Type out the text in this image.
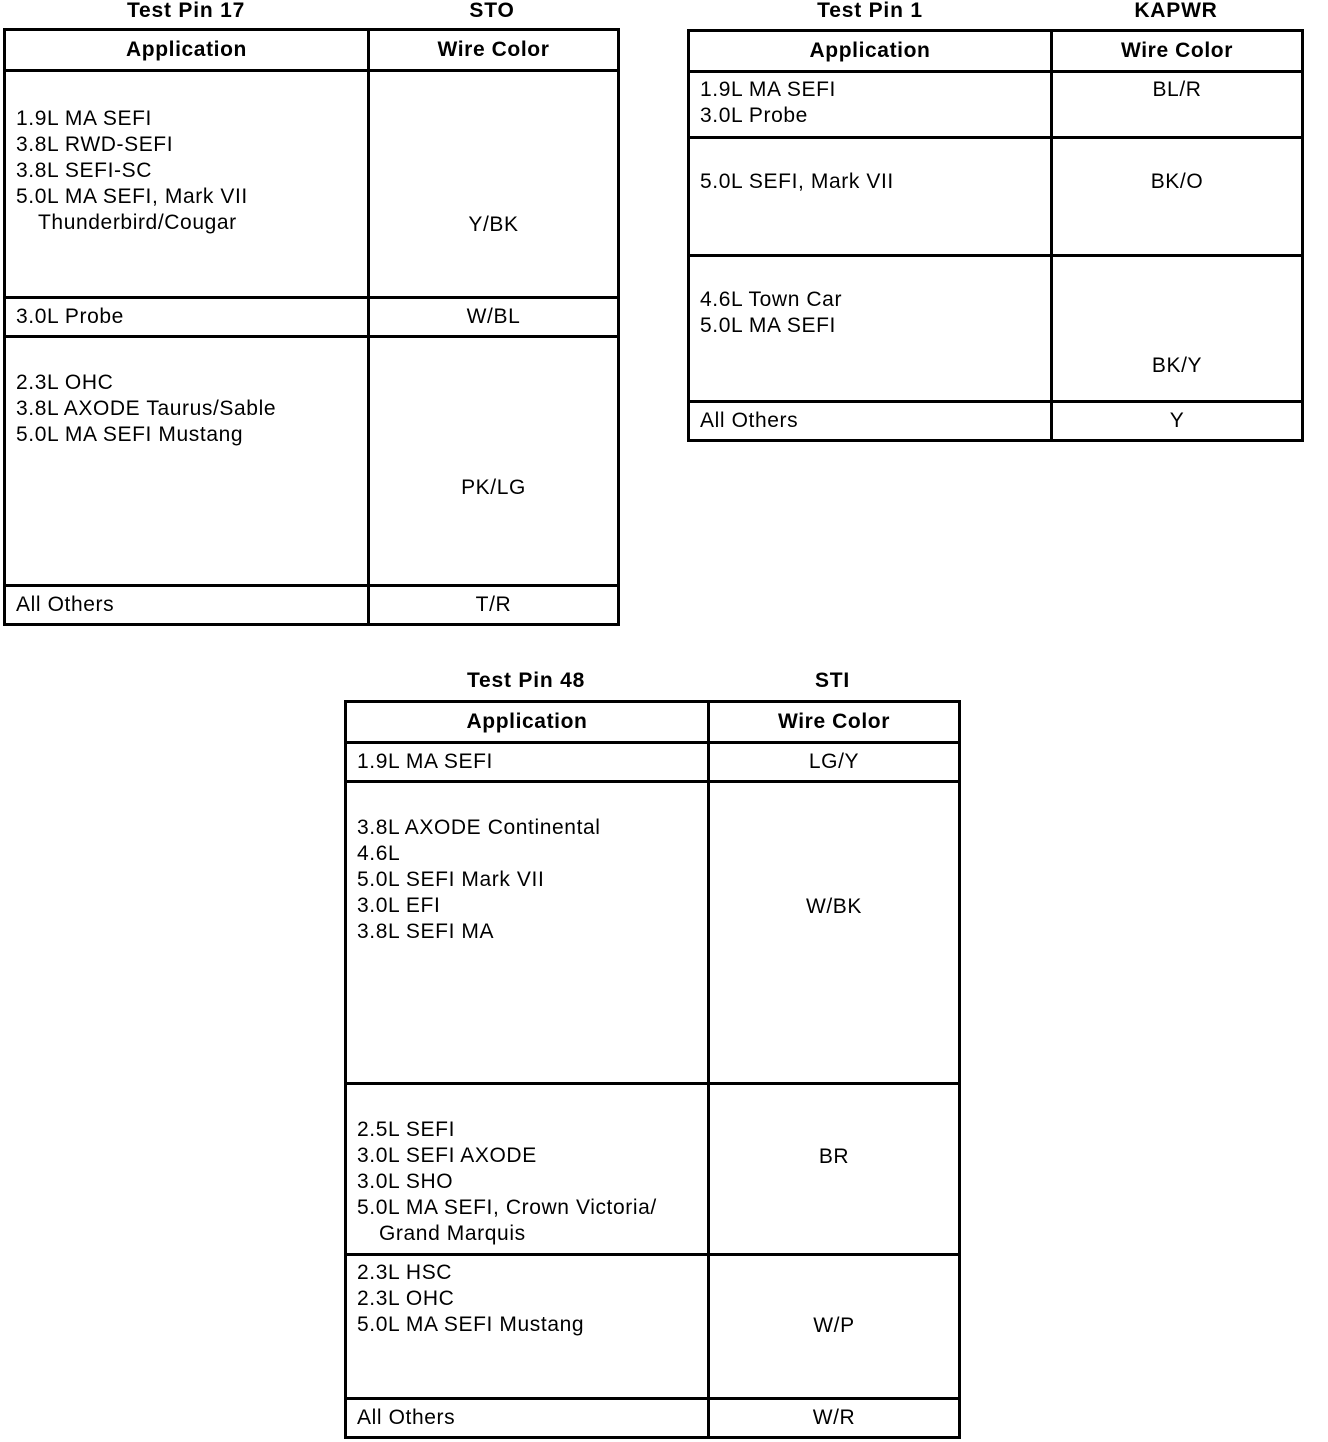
Test Pin 17	STO
Application	Wire Color

1.9L MA SEFI
3.8L RWD-SEFI
3.8L SEFI-SC
5.0L MA SEFI, Mark VII
Thunderbird/Cougar	Y/BK

3.0L Probe	W/BL

2.3L OHC
3.8L AXODE Taurus/Sable
5.0L MA SEFI Mustang	PK/LG

All Others	T/R
Test Pin 1	KAPWR
Application	Wire Color

1.9L MA SEFI
3.0L Probe	BL/R

5.0L SEFI, Mark VII	BK/O

4.6L Town Car
5.0L MA SEFI	BK/Y

All Others	Y
Test Pin 48	STI
Application	Wire Color

1.9L MA SEFI	LG/Y

3.8L AXODE Continental
4.6L
5.0L SEFI Mark VII
3.0L EFI
3.8L SEFI MA	W/BK

2.5L SEFI
3.0L SEFI AXODE
3.0L SHO
5.0L MA SEFI, Crown Victoria/
Grand Marquis	BR

2.3L HSC
2.3L OHC
5.0L MA SEFI Mustang	W/P

All Others	W/R
